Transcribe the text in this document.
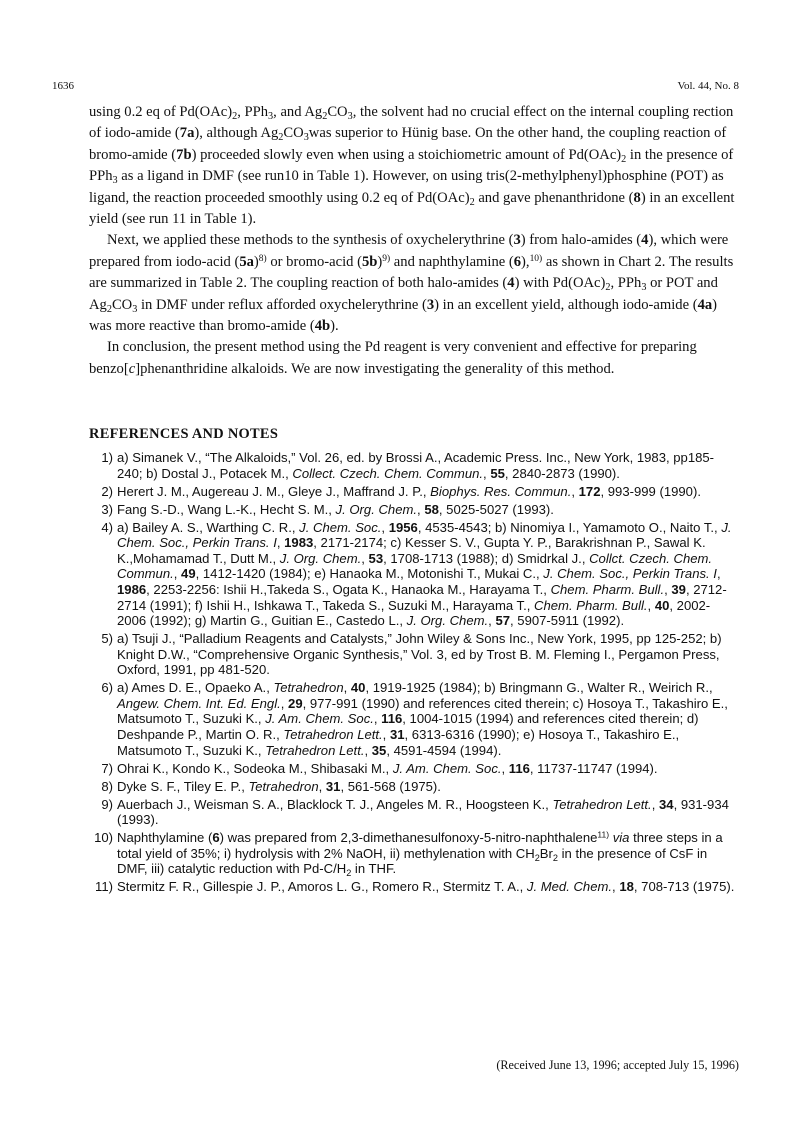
1636	Vol. 44, No. 8

using 0.2 eq of $Pd(OAc)_2$, PPh$_3$, and $Ag_2CO_3$, the solvent had no crucial effect on the internal coupling rection of iodo-amide (7a), although $Ag_2CO_3was$ superior to Hünig base. On the other hand, the coupling reaction of bromo-amide (7b) proceeded slowly even when using a stoichiometric amount of $Pd(OAc)_2$ in the presence of PPh$_3$ as a ligand in DMF (see run10 in Table 1). However, on using tris(2-methylphenyl)phosphine (POT) as ligand, the reaction proceeded smoothly using 0.2 eq of $Pd(OAc)_2$ and gave phenanthridone (8) in an excellent yield (see run 11 in Table 1).

Next, we applied these methods to the synthesis of oxychelerythrine (3) from halo-amides (4), which were prepared from iodo-acid $(5a)^{8)}$ or bromo-acid $(5b)^{9)}$ and naphthylamine (6),$^{10)}$ as shown in Chart 2. The results are summarized in Table 2. The coupling reaction of both halo-amides (4) with $Pd(OAc)_2$, PPh$_3$ or POT and $Ag_2CO_3$ in DMF under reflux afforded oxychelerythrine (3) in an excellent yield, although iodo-amide (4a) was more reactive than bromo-amide (4b).

In conclusion, the present method using the Pd reagent is very convenient and effective for preparing benzo[c]phenanthridine alkaloids. We are now investigating the generality of this method.

REFERENCES AND NOTES
1) a) Simanek V., “The Alkaloids,” Vol. 26, ed. by Brossi A., Academic Press. Inc., New York, 1983, pp185-240; b) Dostal J., Potacek M., Collect. Czech. Chem. Commun., 55, 2840-2873 (1990).
2) Herert J. M., Augereau J. M., Gleye J., Maffrand J. P., Biophys. Res. Commun., 172, 993-999 (1990).
3) Fang S.-D., Wang L.-K., Hecht S. M., J. Org. Chem., 58, 5025-5027 (1993).
4) a) Bailey A. S., Warthing C. R., J. Chem. Soc., 1956, 4535-4543; b) Ninomiya I., Yamamoto O., Naito T., J. Chem. Soc., Perkin Trans. I, 1983, 2171-2174; c) Kesser S. V., Gupta Y. P., Barakrishnan P., Sawal K. K.,Mohamamad T., Dutt M., J. Org. Chem., 53, 1708-1713 (1988); d) Smidrkal J., Collct. Czech. Chem. Commun., 49, 1412-1420 (1984); e) Hanaoka M., Motonishi T., Mukai C., J. Chem. Soc., Perkin Trans. I, 1986, 2253-2256: Ishii H.,Takeda S., Ogata K., Hanaoka M., Harayama T., Chem. Pharm. Bull., 39, 2712-2714 (1991); f) Ishii H., Ishkawa T., Takeda S., Suzuki M., Harayama T., Chem. Pharm. Bull., 40, 2002-2006 (1992); g) Martin G., Guitian E., Castedo L., J. Org. Chem., 57, 5907-5911 (1992).
5) a) Tsuji J., “Palladium Reagents and Catalysts,” John Wiley & Sons Inc., New York, 1995, pp 125-252; b) Knight D.W., “Comprehensive Organic Synthesis,” Vol. 3, ed by Trost B. M. Fleming I., Pergamon Press, Oxford, 1991, pp 481-520.
6) a) Ames D. E., Opaeko A., Tetrahedron, 40, 1919-1925 (1984); b) Bringmann G., Walter R., Weirich R., Angew. Chem. Int. Ed. Engl., 29, 977-991 (1990) and references cited therein; c) Hosoya T., Takashiro E., Matsumoto T., Suzuki K., J. Am. Chem. Soc., 116, 1004-1015 (1994) and references cited therein; d) Deshpande P., Martin O. R., Tetrahedron Lett., 31, 6313-6316 (1990); e) Hosoya T., Takashiro E., Matsumoto T., Suzuki K., Tetrahedron Lett., 35, 4591-4594 (1994).
7) Ohrai K., Kondo K., Sodeoka M., Shibasaki M., J. Am. Chem. Soc., 116, 11737-11747 (1994).
8) Dyke S. F., Tiley E. P., Tetrahedron, 31, 561-568 (1975).
9) Auerbach J., Weisman S. A., Blacklock T. J., Angeles M. R., Hoogsteen K., Tetrahedron Lett., 34, 931-934 (1993).
10) Naphthylamine (6) was prepared from 2,3-dimethanesulfonoxy-5-nitro-naphthalene$^{11)}$ via three steps in a total yield of 35%; i) hydrolysis with 2% NaOH, ii) methylenation with $CH_2Br_2$ in the presence of CsF in DMF, iii) catalytic reduction with $Pd-C/H_2$ in THF.
11) Stermitz F. R., Gillespie J. P., Amoros L. G., Romero R., Stermitz T. A., J. Med. Chem., 18, 708-713 (1975).
(Received June 13, 1996; accepted July 15, 1996)
